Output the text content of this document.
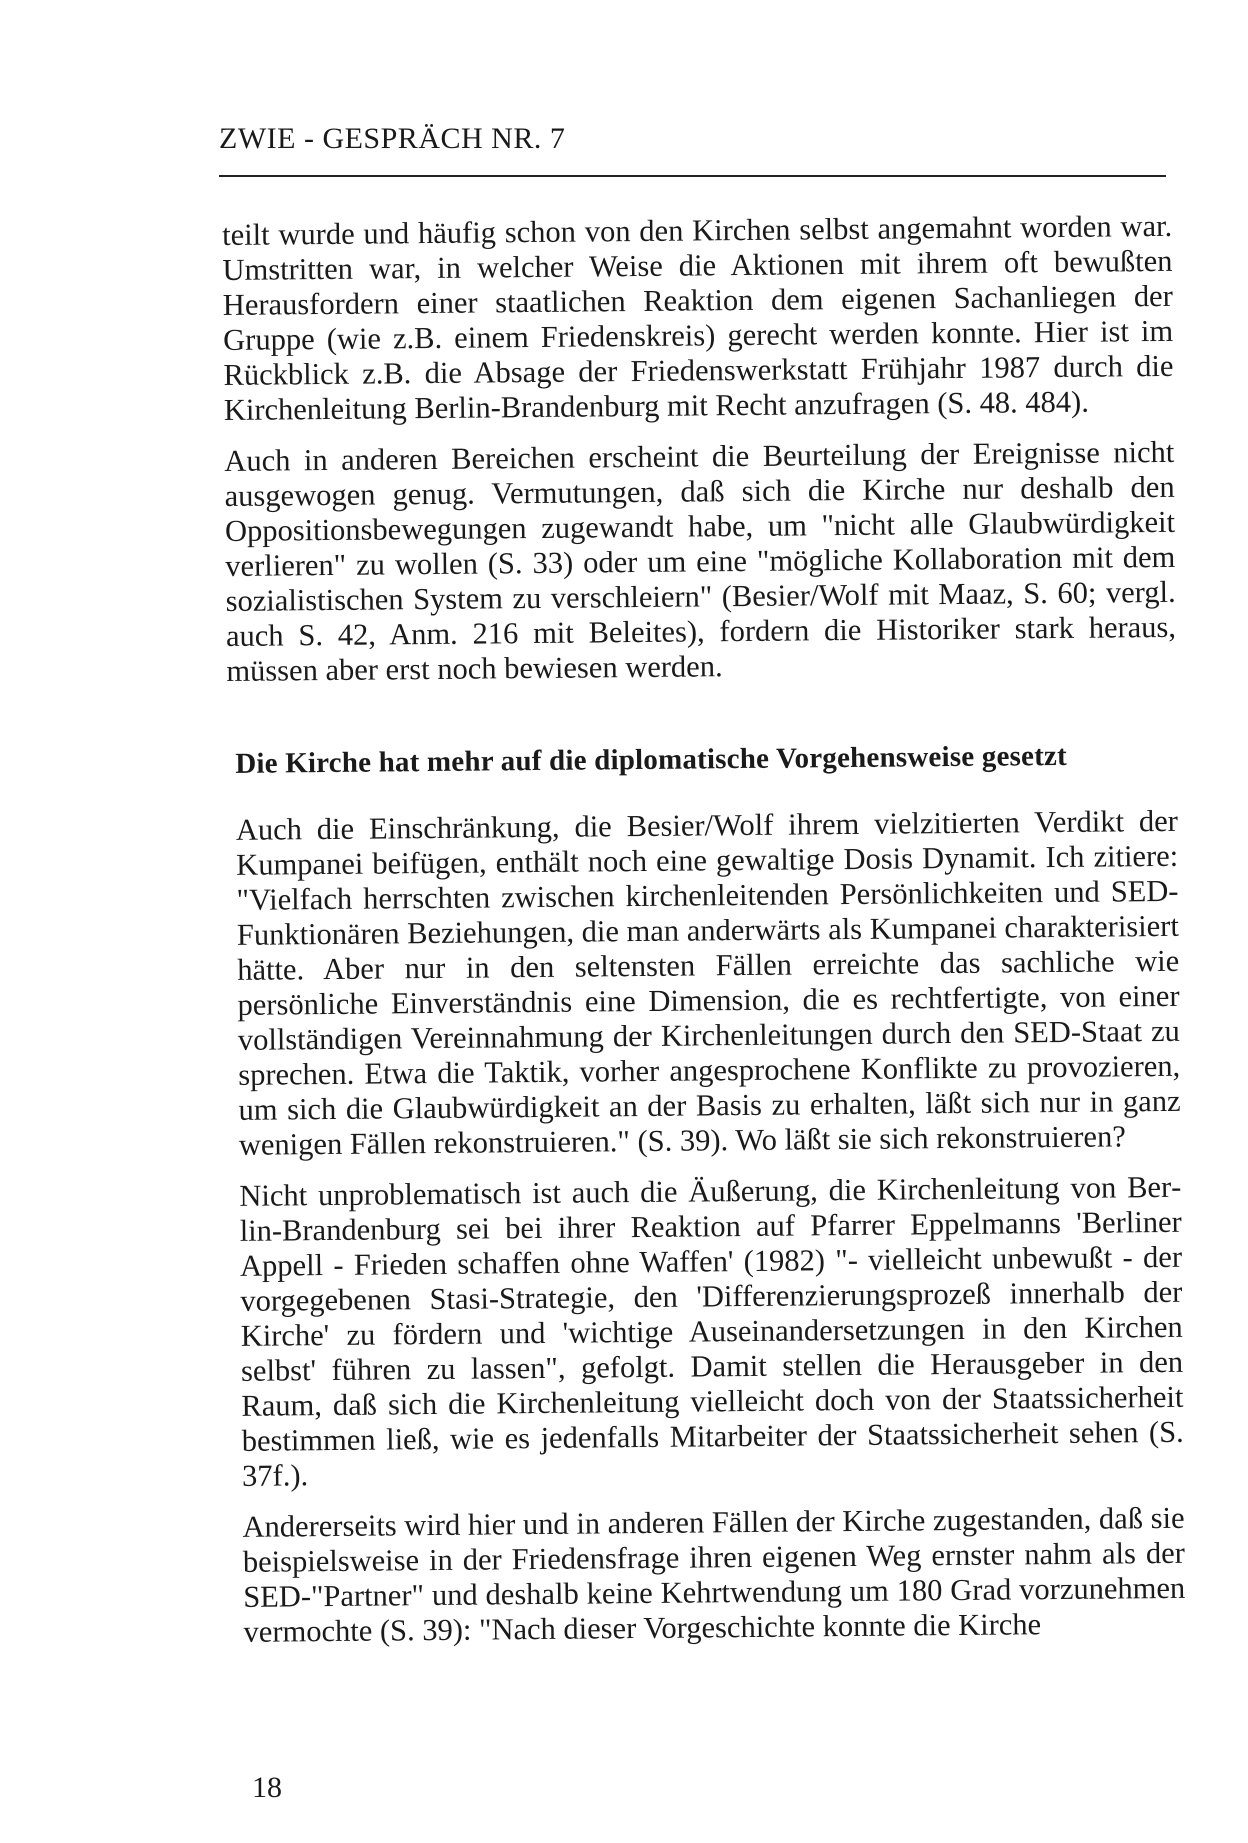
ZWIE - GESPRÄCH NR. 7

teilt wurde und häufig schon von den Kirchen selbst angemahnt worden war. Umstritten war, in welcher Weise die Aktionen mit ihrem oft bewußten Herausfordern einer staatlichen Reaktion dem eigenen Sachanliegen der Gruppe (wie z.B. einem Friedenskreis) gerecht werden konnte. Hier ist im Rückblick z.B. die Absage der Friedenswerkstatt Frühjahr 1987 durch die Kirchenleitung Berlin-Brandenburg mit Recht anzufragen (S. 48. 484).

Auch in anderen Bereichen erscheint die Beurteilung der Ereignisse nicht ausgewogen genug. Vermutungen, daß sich die Kirche nur deshalb den Oppositionsbewegungen zugewandt habe, um "nicht alle Glaubwürdigkeit verlieren" zu wollen (S. 33) oder um eine "mögliche Kollaboration mit dem sozialistischen System zu verschleiern" (Besier/Wolf mit Maaz, S. 60; vergl. auch S. 42, Anm. 216 mit Beleites), fordern die Historiker stark heraus, müssen aber erst noch bewiesen werden.

Die Kirche hat mehr auf die diplomatische Vorgehensweise gesetzt

Auch die Einschränkung, die Besier/Wolf ihrem vielzitierten Verdikt der Kumpanei beifügen, enthält noch eine gewaltige Dosis Dynamit. Ich zitiere: "Vielfach herrschten zwischen kirchenleitenden Persönlichkeiten und SED-Funktionären Beziehungen, die man anderwärts als Kumpanei charakterisiert hätte. Aber nur in den seltensten Fällen erreichte das sachliche wie persönliche Einverständnis eine Dimension, die es rechtfertigte, von einer vollständigen Vereinnahmung der Kirchenleitungen durch den SED-Staat zu sprechen. Etwa die Taktik, vorher angesprochene Konflikte zu provozieren, um sich die Glaubwürdigkeit an der Basis zu erhalten, läßt sich nur in ganz wenigen Fällen rekonstruieren." (S. 39). Wo läßt sie sich rekonstruieren?

Nicht unproblematisch ist auch die Äußerung, die Kirchenleitung von Berlin-Brandenburg sei bei ihrer Reaktion auf Pfarrer Eppelmanns 'Berliner Appell - Frieden schaffen ohne Waffen' (1982) "- vielleicht unbewußt - der vorgegebenen Stasi-Strategie, den 'Differenzierungsprozeß innerhalb der Kirche' zu fördern und 'wichtige Auseinandersetzungen in den Kirchen selbst' führen zu lassen", gefolgt. Damit stellen die Herausgeber in den Raum, daß sich die Kirchenleitung vielleicht doch von der Staatssicherheit bestimmen ließ, wie es jedenfalls Mitarbeiter der Staatssicherheit sehen (S. 37f.).

Andererseits wird hier und in anderen Fällen der Kirche zugestanden, daß sie beispielsweise in der Friedensfrage ihren eigenen Weg ernster nahm als der SED-"Partner" und deshalb keine Kehrtwendung um 180 Grad vorzunehmen vermochte (S. 39): "Nach dieser Vorgeschichte konnte die Kirche

18
